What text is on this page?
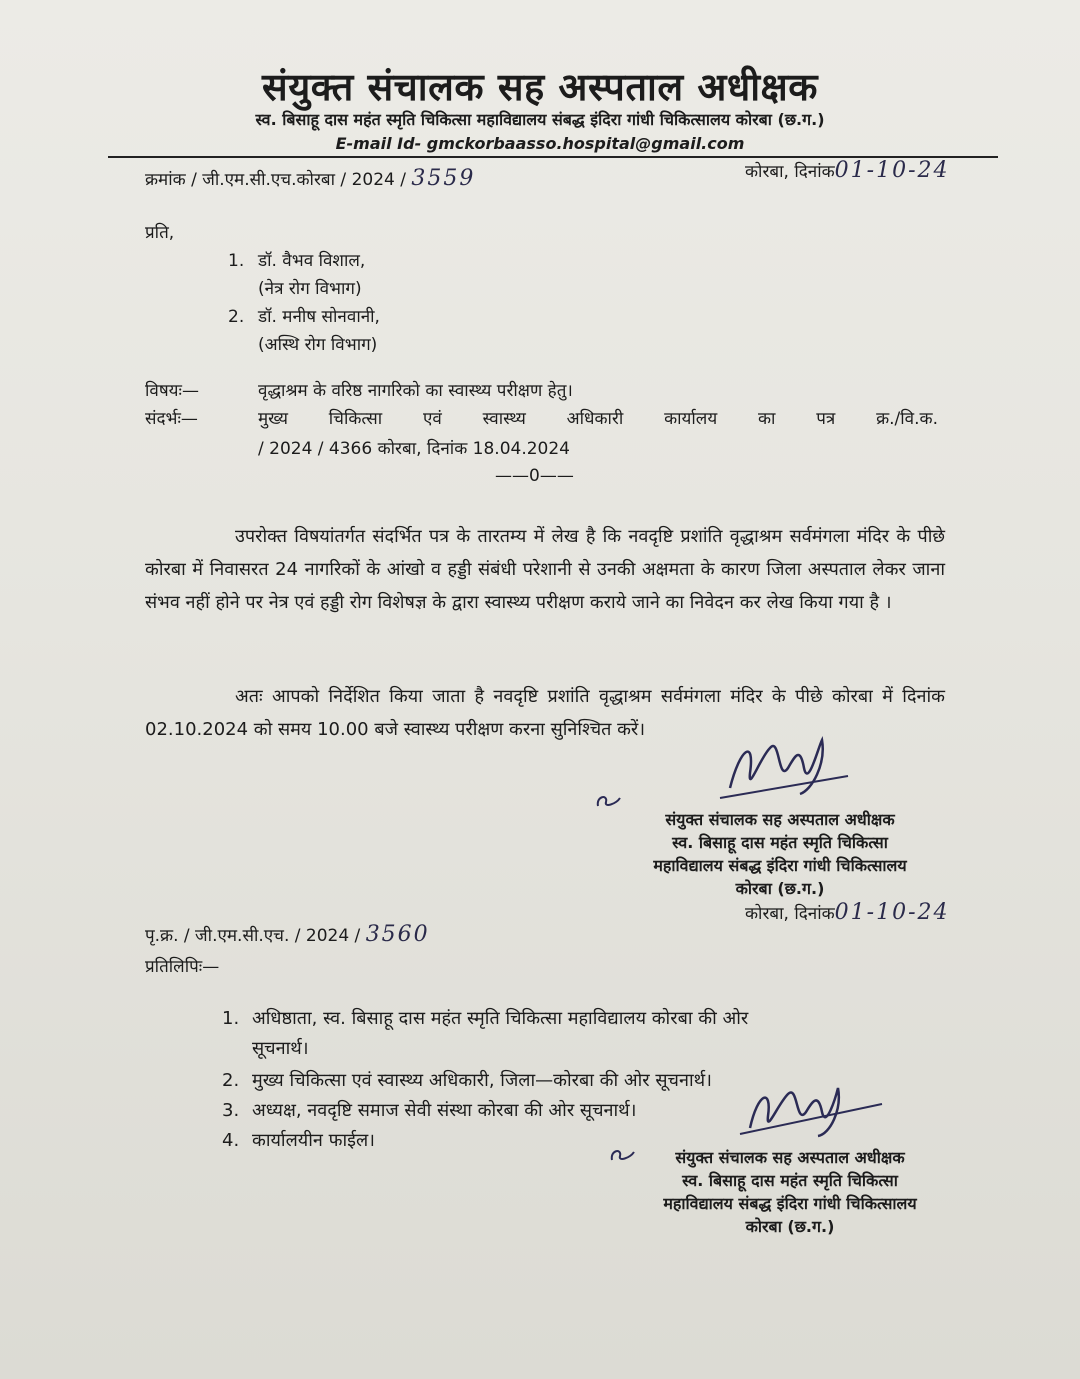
संयुक्त संचालक सह अस्पताल अधीक्षक
स्व. बिसाहू दास महंत स्मृति चिकित्सा महाविद्यालय संबद्ध इंदिरा गांधी चिकित्सालय कोरबा (छ.ग.)
E-mail Id- gmckorbaasso.hospital@gmail.com
क्रमांक / जी.एम.सी.एच.कोरबा / 2024 / 3559	कोरबा, दिनांक01-10-24
प्रति,
1. डॉ. वैभव विशाल,
(नेत्र रोग विभाग)
2. डॉ. मनीष सोनवानी,
(अस्थि रोग विभाग)
विषयः—	वृद्धाश्रम के वरिष्ठ नागरिको का स्वास्थ्य परीक्षण हेतु।
संदर्भः—	मुख्य चिकित्सा एवं स्वास्थ्य अधिकारी कार्यालय का पत्र क्र./वि.क.
/ 2024 / 4366 कोरबा, दिनांक 18.04.2024
——0——
उपरोक्त विषयांतर्गत संदर्भित पत्र के तारतम्य में लेख है कि नवदृष्टि प्रशांति वृद्धाश्रम सर्वमंगला मंदिर के पीछे कोरबा में निवासरत 24 नागरिकों के आंखो व हड्डी संबंधी परेशानी से उनकी अक्षमता के कारण जिला अस्पताल लेकर जाना संभव नहीं होने पर नेत्र एवं हड्डी रोग विशेषज्ञ के द्वारा स्वास्थ्य परीक्षण कराये जाने का निवेदन कर लेख किया गया है ।
अतः आपको निर्देशित किया जाता है नवदृष्टि प्रशांति वृद्धाश्रम सर्वमंगला मंदिर के पीछे कोरबा में दिनांक 02.10.2024 को समय 10.00 बजे स्वास्थ्य परीक्षण करना सुनिश्चित करें।
संयुक्त संचालक सह अस्पताल अधीक्षक
स्व. बिसाहू दास महंत स्मृति चिकित्सा
महाविद्यालय संबद्ध इंदिरा गांधी चिकित्सालय
कोरबा (छ.ग.)
कोरबा, दिनांक01-10-24
पृ.क्र. / जी.एम.सी.एच. / 2024 / 3560
प्रतिलिपिः—
1. अधिष्ठाता, स्व. बिसाहू दास महंत स्मृति चिकित्सा महाविद्यालय कोरबा की ओर
सूचनार्थ।
2. मुख्य चिकित्सा एवं स्वास्थ्य अधिकारी, जिला—कोरबा की ओर सूचनार्थ।
3. अध्यक्ष, नवदृष्टि समाज सेवी संस्था कोरबा की ओर सूचनार्थ।
4. कार्यालयीन फाईल।
संयुक्त संचालक सह अस्पताल अधीक्षक
स्व. बिसाहू दास महंत स्मृति चिकित्सा
महाविद्यालय संबद्ध इंदिरा गांधी चिकित्सालय
कोरबा (छ.ग.)
